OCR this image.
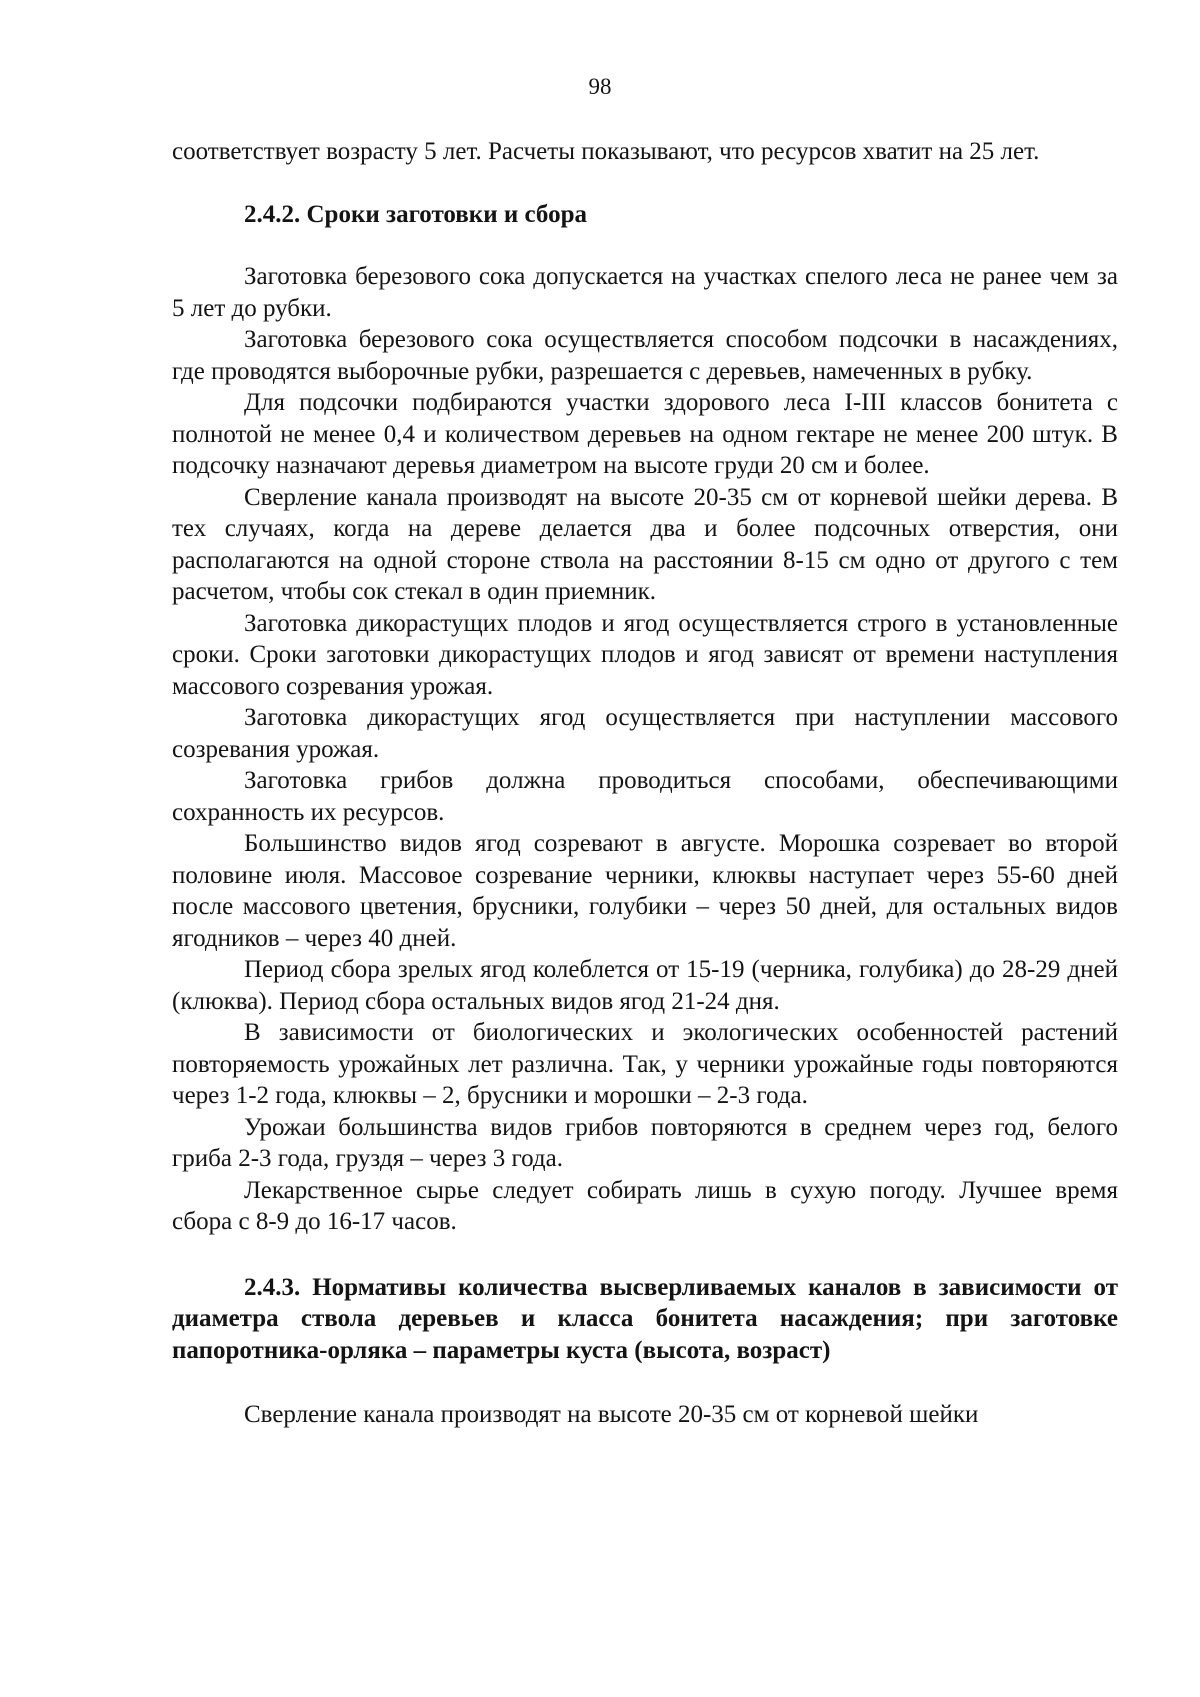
98

соответствует возрасту 5 лет. Расчеты показывают, что ресурсов хватит на 25 лет.

2.4.2. Сроки заготовки и сбора

Заготовка березового сока допускается на участках спелого леса не ранее чем за 5 лет до рубки.

Заготовка березового сока осуществляется способом подсочки в насаждениях, где проводятся выборочные рубки, разрешается с деревьев, намеченных в рубку.

Для подсочки подбираются участки здорового леса I-III классов бонитета с полнотой не менее 0,4 и количеством деревьев на одном гектаре не менее 200 штук. В подсочку назначают деревья диаметром на высоте груди 20 см и более.

Сверление канала производят на высоте 20-35 см от корневой шейки дерева. В тех случаях, когда на дереве делается два и более подсочных отверстия, они располагаются на одной стороне ствола на расстоянии 8-15 см одно от другого с тем расчетом, чтобы сок стекал в один приемник.

Заготовка дикорастущих плодов и ягод осуществляется строго в установленные сроки. Сроки заготовки дикорастущих плодов и ягод зависят от времени наступления массового созревания урожая.

Заготовка дикорастущих ягод осуществляется при наступлении массового созревания урожая.

Заготовка грибов должна проводиться способами, обеспечивающими сохранность их ресурсов.

Большинство видов ягод созревают в августе. Морошка созревает во второй половине июля. Массовое созревание черники, клюквы наступает через 55-60 дней после массового цветения, брусники, голубики – через 50 дней, для остальных видов ягодников – через 40 дней.

Период сбора зрелых ягод колеблется от 15-19 (черника, голубика) до 28-29 дней (клюква). Период сбора остальных видов ягод 21-24 дня.

В зависимости от биологических и экологических особенностей растений повторяемость урожайных лет различна. Так, у черники урожайные годы повторяются через 1-2 года, клюквы – 2, брусники и морошки – 2-3 года.

Урожаи большинства видов грибов повторяются в среднем через год, белого гриба 2-3 года, груздя – через 3 года.

Лекарственное сырье следует собирать лишь в сухую погоду. Лучшее время сбора с 8-9 до 16-17 часов.

2.4.3. Нормативы количества высверливаемых каналов в зависимости от диаметра ствола деревьев и класса бонитета насаждения; при заготовке папоротника-орляка – параметры куста (высота, возраст)

Сверление канала производят на высоте 20-35 см от корневой шейки
